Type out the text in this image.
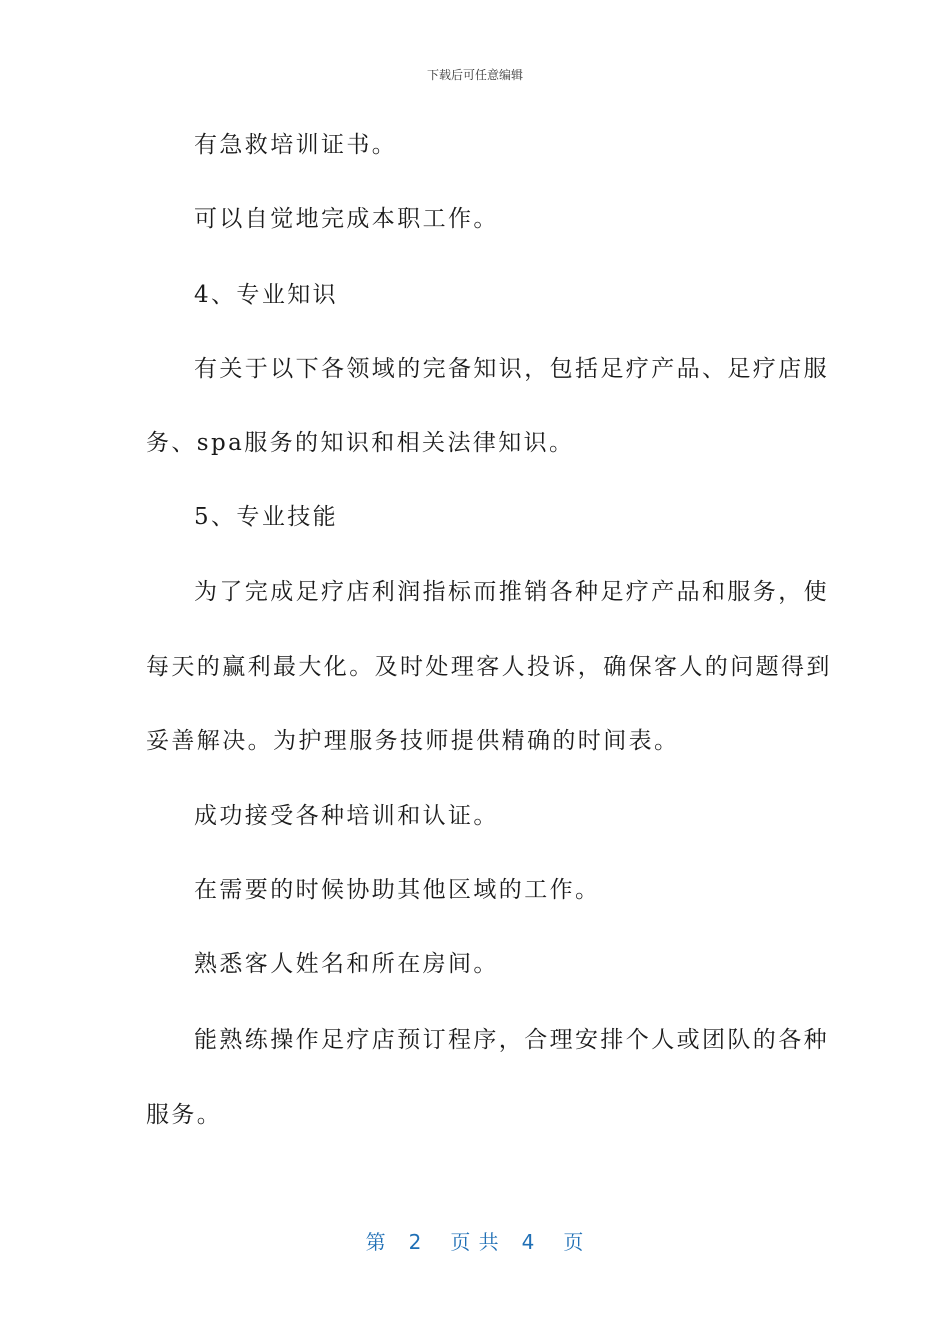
下载后可任意编辑
有急救培训证书。
可以自觉地完成本职工作。
4、专业知识
有关于以下各领域的完备知识，包括足疗产品、足疗店服
务、spa服务的知识和相关法律知识。
5、专业技能
为了完成足疗店利润指标而推销各种足疗产品和服务，使
每天的赢利最大化。及时处理客人投诉，确保客人的问题得到
妥善解决。为护理服务技师提供精确的时间表。
成功接受各种培训和认证。
在需要的时候协助其他区域的工作。
熟悉客人姓名和所在房间。
能熟练操作足疗店预订程序，合理安排个人或团队的各种
服务。
第 2 页 共 4 页
